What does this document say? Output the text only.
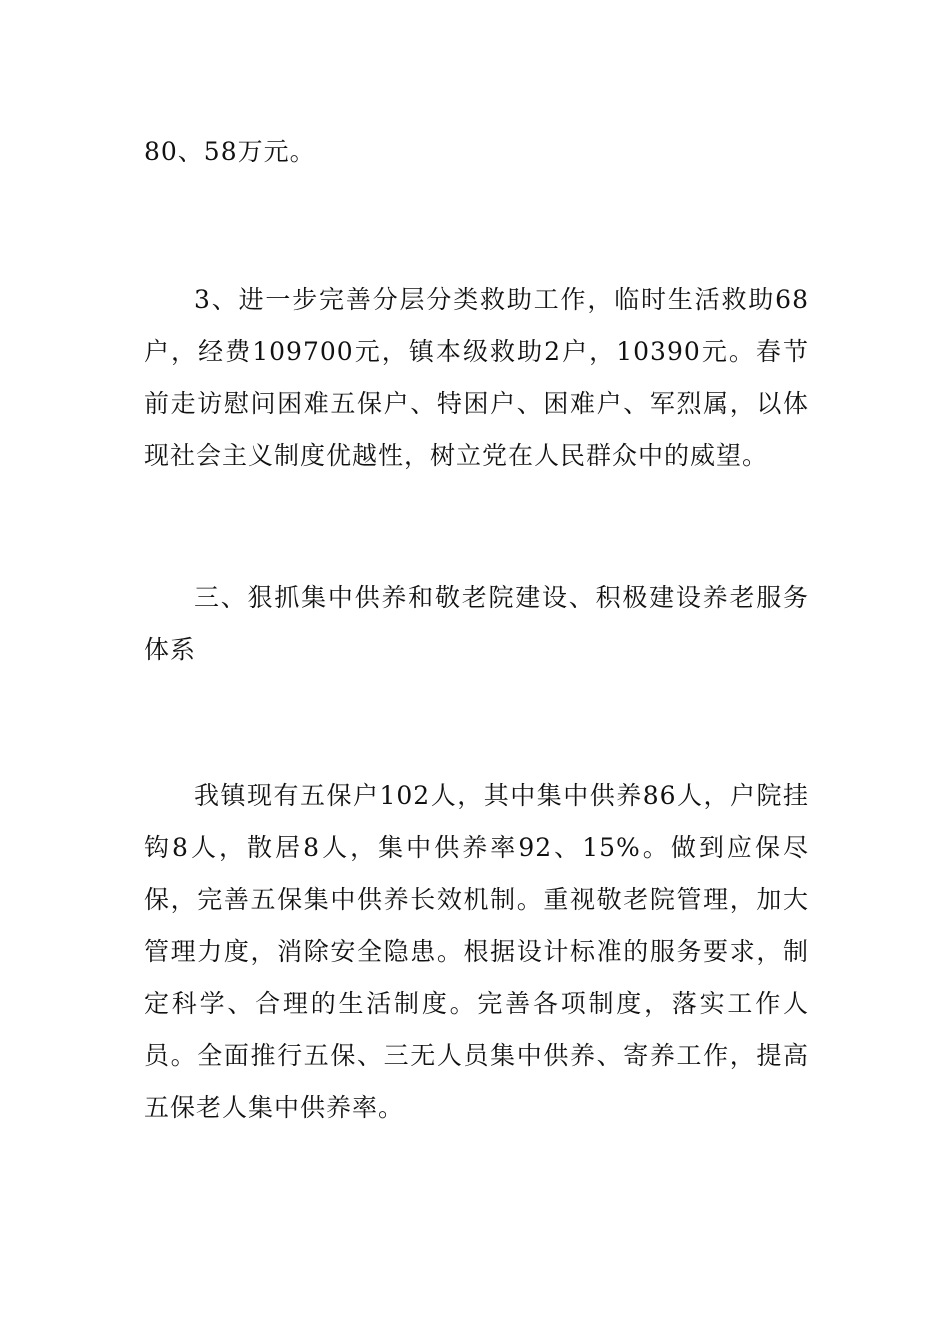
80、58万元。

3、进一步完善分层分类救助工作，临时生活救助68户，经费109700元，镇本级救助2户，10390元。春节前走访慰问困难五保户、特困户、困难户、军烈属，以体现社会主义制度优越性，树立党在人民群众中的威望。

三、狠抓集中供养和敬老院建设、积极建设养老服务体系

我镇现有五保户102人，其中集中供养86人，户院挂钩8人，散居8人，集中供养率92、15%。做到应保尽保，完善五保集中供养长效机制。重视敬老院管理，加大管理力度，消除安全隐患。根据设计标准的服务要求，制定科学、合理的生活制度。完善各项制度，落实工作人员。全面推行五保、三无人员集中供养、寄养工作，提高五保老人集中供养率。
